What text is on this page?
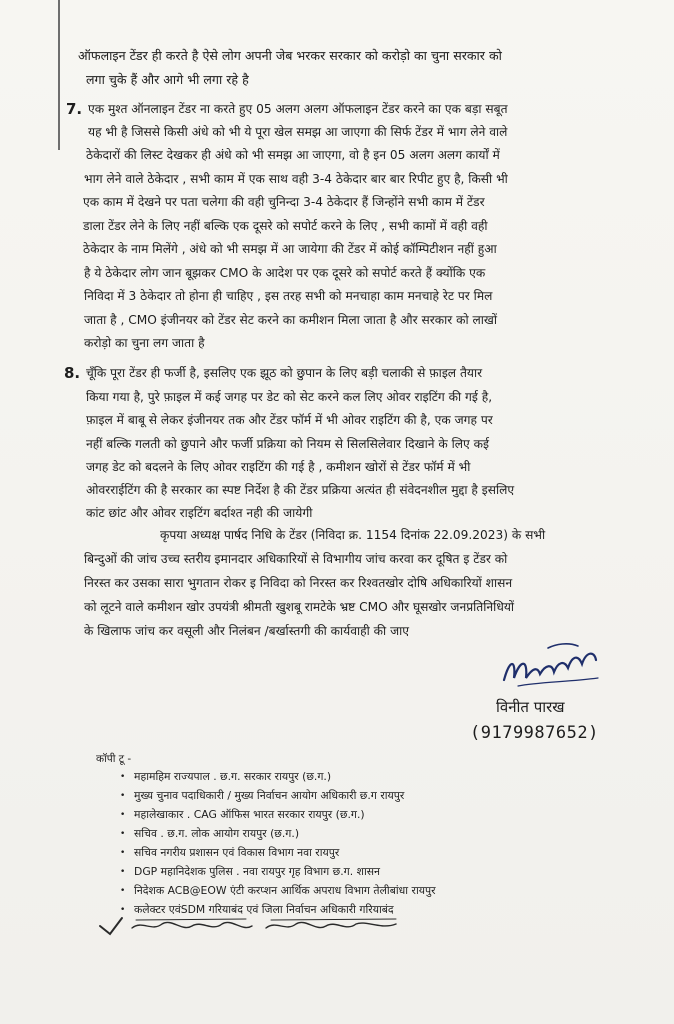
ऑफलाइन टेंडर ही करते है ऐसे लोग अपनी जेब भरकर सरकार को करोड़ो का चुना सरकार को
लगा चुके हैं और आगे भी लगा रहे है
7. एक मुश्त ऑनलाइन टेंडर ना करते हुए 05 अलग अलग ऑफलाइन टेंडर करने का एक बड़ा सबूत
यह भी है जिससे किसी अंधे को भी ये पूरा खेल समझ आ जाएगा की सिर्फ टेंडर में भाग लेने वाले
ठेकेदारों की लिस्ट देखकर ही अंधे को भी समझ आ जाएगा, वो है इन 05 अलग अलग कार्यों में
भाग लेने वाले ठेकेदार , सभी काम में एक साथ वही 3-4 ठेकेदार बार बार रिपीट हुए है, किसी भी
एक काम में देखने पर पता चलेगा की वही चुनिन्दा 3-4 ठेकेदार हैं जिन्होंने सभी काम में टेंडर
डाला टेंडर लेने के लिए नहीं बल्कि एक दूसरे को सपोर्ट करने के लिए , सभी कामों में वही वही
ठेकेदार के नाम मिलेंगे , अंधे को भी समझ में आ जायेगा की टेंडर में कोई कॉम्पिटीशन नहीं हुआ
है ये ठेकेदार लोग जान बूझकर CMO के आदेश पर एक दूसरे को सपोर्ट करते हैं क्योंकि एक
निविदा में 3 ठेकेदार तो होना ही चाहिए , इस तरह सभी को मनचाहा काम मनचाहे रेट पर मिल
जाता है , CMO इंजीनयर को टेंडर सेट करने का कमीशन मिला जाता है और सरकार को लाखों
करोड़ो का चुना लग जाता है
8. चूँकि पूरा टेंडर ही फर्जी है, इसलिए एक झूठ को छुपान के लिए बड़ी चलाकी से फ़ाइल तैयार
किया गया है, पुरे फ़ाइल में कई जगह पर डेट को सेट करने कल लिए ओवर राइटिंग की गई है,
फ़ाइल में बाबू से लेकर इंजीनयर तक और टेंडर फॉर्म में भी ओवर राइटिंग की है, एक जगह पर
नहीं बल्कि गलती को छुपाने और फर्जी प्रक्रिया को नियम से सिलसिलेवार दिखाने के लिए कई
जगह डेट को बदलने के लिए ओवर राइटिंग की गई है , कमीशन खोरों से टेंडर फॉर्म में भी
ओवरराईटिंग की है सरकार का स्पष्ट निर्देश है की टेंडर प्रक्रिया अत्यंत ही संवेदनशील मुद्दा है इसलिए
कांट छांट और ओवर राइटिंग बर्दाश्त नही की जायेगी
कृपया अध्यक्ष पार्षद निधि के टेंडर (निविदा क्र. 1154 दिनांक 22.09.2023) के सभी
बिन्दुओं की जांच उच्च स्तरीय इमानदार अधिकारियों से विभागीय जांच करवा कर दूषित इ टेंडर को
निरस्त कर उसका सारा भुगतान रोकर इ निविदा को निरस्त कर रिश्वतखोर दोषि अधिकारियों शासन
को लूटने वाले कमीशन खोर उपयंत्री श्रीमती खुशबू रामटेके भ्रष्ट CMO और घूसखोर जनप्रतिनिधियों
के खिलाफ जांच कर वसूली और निलंबन /बर्खास्तगी की कार्यवाही की जाए
विनीत पारख
(9179987652)
कॉपी टू -
• महामहिम राज्यपाल . छ.ग. सरकार रायपुर (छ.ग.)
• मुख्य चुनाव पदाधिकारी / मुख्य निर्वाचन आयोग अधिकारी छ.ग रायपुर
• महालेखाकार . CAG ऑफिस भारत सरकार रायपुर (छ.ग.)
• सचिव . छ.ग. लोक आयोग रायपुर (छ.ग.)
• सचिव नगरीय प्रशासन एवं विकास विभाग नवा रायपुर
• DGP महानिदेशक पुलिस . नवा रायपुर गृह विभाग छ.ग. शासन
• निदेशक ACB@EOW एंटी करप्शन आर्थिक अपराध विभाग तेलीबांधा रायपुर
• कलेक्टर एवंSDM गरियाबंद एवं जिला निर्वाचन अधिकारी गरियाबंद
